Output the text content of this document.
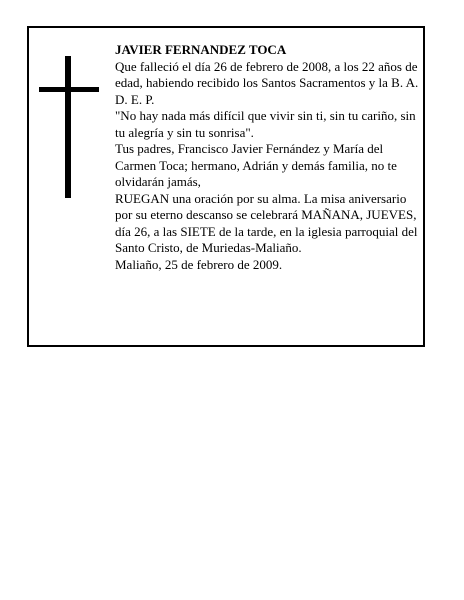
JAVIER FERNANDEZ TOCA

Que falleció el día 26 de febrero de 2008, a los 22 años de edad, habiendo recibido los Santos Sacramentos y la B. A.

D. E. P.

"No hay nada más difícil que vivir sin ti, sin tu cariño, sin tu alegría y sin tu sonrisa".

Tus padres, Francisco Javier Fernández y María del Carmen Toca; hermano, Adrián y demás familia, no te olvidarán jamás,

RUEGAN una oración por su alma. La misa aniversario por su eterno descanso se celebrará MAÑANA, JUEVES, día 26, a las SIETE de la tarde, en la iglesia parroquial del Santo Cristo, de Muriedas-Maliaño.

Maliaño, 25 de febrero de 2009.
